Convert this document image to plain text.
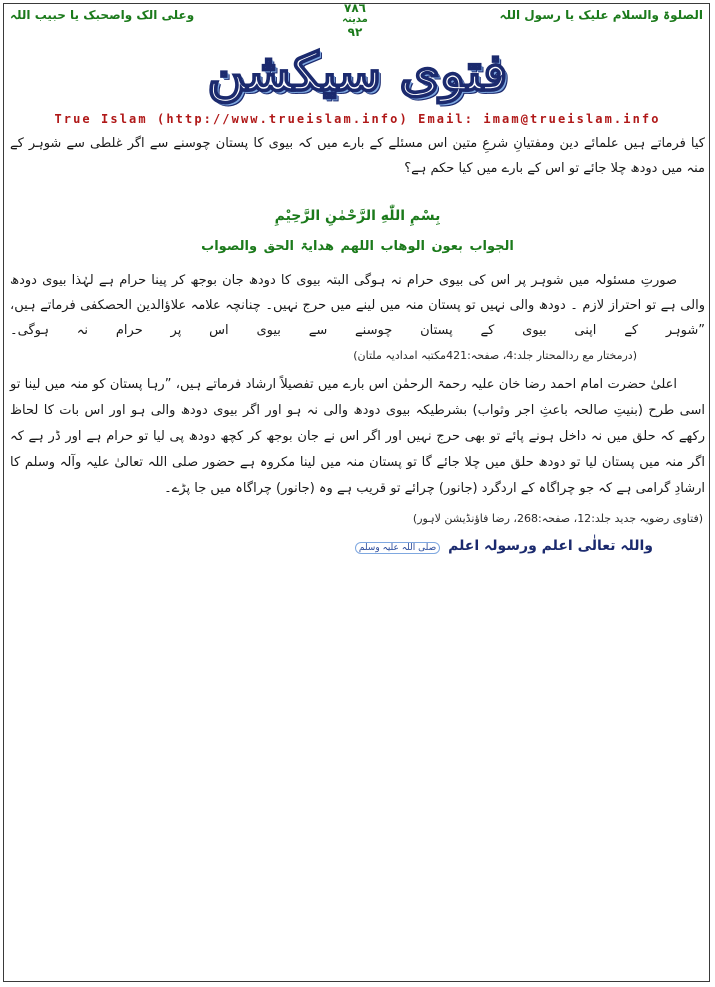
الصلوۃ والسلام علیک یا رسول اللہ
٧٨٦
مدینہ
٩٢
وعلی الک واصحبک یا حبیب اللہ
فتوی سیکشن
True Islam (http://www.trueislam.info) Email: imam@trueislam.info
کیا فرماتے ہیں علمائے دین ومفتیانِ شرعِ متین اس مسئلے کے بارے میں کہ بیوی کا پستان چوسنے سے اگر غلطی سے شوہر کے منہ میں دودھ چلا جائے تو اس کے بارے میں کیا حکم ہے؟
بِسْمِ اللّٰهِ الرَّحْمٰنِ الرَّحِیْمِ
الجواب بعون الوھاب اللھم ھدایۃ الحق والصواب
صورتِ مسئولہ میں شوہر پر اس کی بیوی حرام نہ ہوگی البتہ بیوی کا دودھ جان بوجھ کر پینا حرام ہے لہٰذا بیوی دودھ والی ہے تو احتراز لازم ۔ دودھ والی نہیں تو پستان منہ میں لینے میں حرج نہیں۔ چنانچہ علامہ علاؤالدین الحصکفی فرماتے ہیں، ”شوہر کے اپنی بیوی کے پستان چوسنے سے بیوی اس پر حرام نہ ہوگی۔(درمختار مع ردالمحتار جلد:4، صفحہ:421مکتبہ امدادیہ ملتان)
اعلیٰ حضرت امام احمد رضا خان علیہ رحمۃ الرحمٰن اس بارے میں تفصیلاً ارشاد فرماتے ہیں، ”رہا پستان کو منہ میں لینا تو اسی طرح (بنیتِ صالحہ باعثِ اجر وثواب) بشرطیکہ بیوی دودھ والی نہ ہو اور اگر بیوی دودھ والی ہو اور اس بات کا لحاظ رکھے کہ حلق میں نہ داخل ہونے پائے تو بھی حرج نہیں اور اگر اس نے جان بوجھ کر کچھ دودھ پی لیا تو حرام ہے اور ڈر ہے کہ اگر منہ میں پستان لیا تو دودھ حلق میں چلا جائے گا تو پستان منہ میں لینا مکروہ ہے حضور صلی اللہ تعالیٰ علیہ وآلہ وسلم کا ارشادِ گرامی ہے کہ جو چراگاہ کے اردگرد (جانور) چرائے تو قریب ہے وہ (جانور) چراگاہ میں جا پڑے۔
(فتاوی رضویہ جدید جلد:12، صفحہ:268، رضا فاؤنڈیشن لاہور)
واللہ تعالٰی اعلم ورسولہ اعلم صلی اللہ علیہ وسلم
